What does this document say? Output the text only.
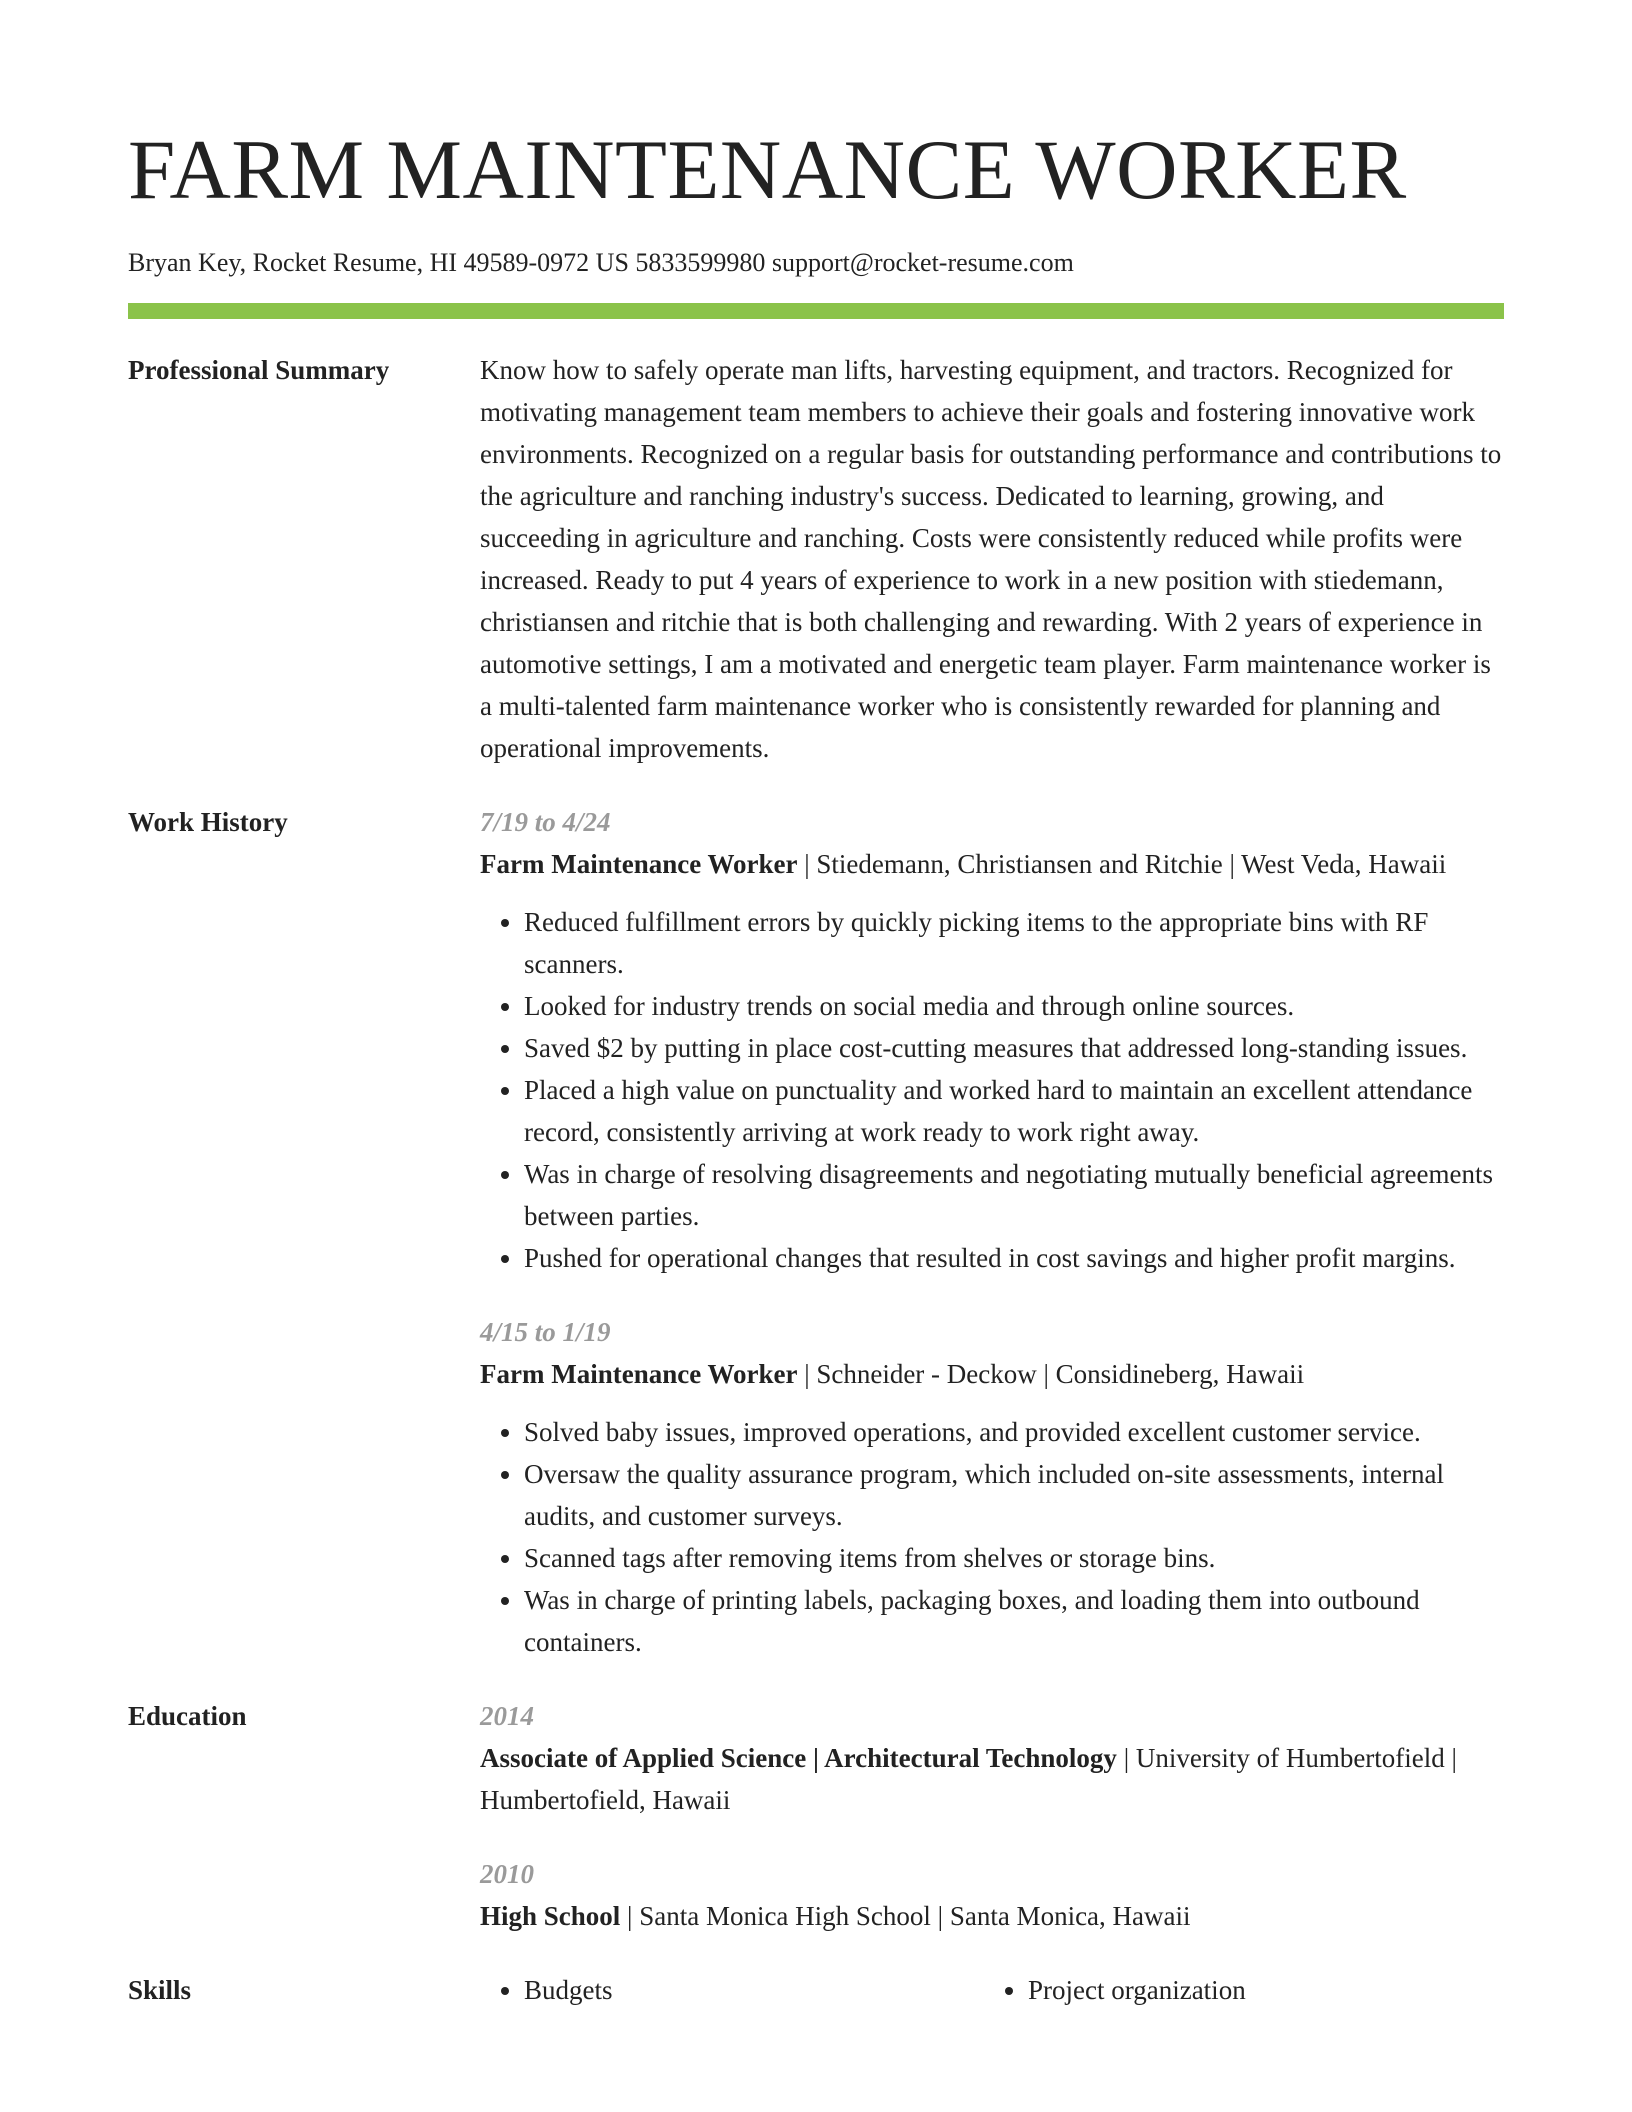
FARM MAINTENANCE WORKER
Bryan Key, Rocket Resume, HI 49589-0972 US 5833599980 support@rocket-resume.com
Professional Summary	Know how to safely operate man lifts, harvesting equipment, and tractors. Recognized for motivating management team members to achieve their goals and fostering innovative work environments. Recognized on a regular basis for outstanding performance and contributions to the agriculture and ranching industry's success. Dedicated to learning, growing, and succeeding in agriculture and ranching. Costs were consistently reduced while profits were increased. Ready to put 4 years of experience to work in a new position with stiedemann, christiansen and ritchie that is both challenging and rewarding. With 2 years of experience in automotive settings, I am a motivated and energetic team player. Farm maintenance worker is a multi-talented farm maintenance worker who is consistently rewarded for planning and operational improvements.

Work History	7/19 to 4/24
Farm Maintenance Worker | Stiedemann, Christiansen and Ritchie | West Veda, Hawaii
• Reduced fulfillment errors by quickly picking items to the appropriate bins with RF scanners.
• Looked for industry trends on social media and through online sources.
• Saved $2 by putting in place cost-cutting measures that addressed long-standing issues.
• Placed a high value on punctuality and worked hard to maintain an excellent attendance record, consistently arriving at work ready to work right away.
• Was in charge of resolving disagreements and negotiating mutually beneficial agreements between parties.
• Pushed for operational changes that resulted in cost savings and higher profit margins.
4/15 to 1/19
Farm Maintenance Worker | Schneider - Deckow | Considineberg, Hawaii
• Solved baby issues, improved operations, and provided excellent customer service.
• Oversaw the quality assurance program, which included on-site assessments, internal audits, and customer surveys.
• Scanned tags after removing items from shelves or storage bins.
• Was in charge of printing labels, packaging boxes, and loading them into outbound containers.
Education	2014
Associate of Applied Science | Architectural Technology | University of Humbertofield | Humbertofield, Hawaii
2010
High School | Santa Monica High School | Santa Monica, Hawaii
Skills	• Budgets	• Project organization
